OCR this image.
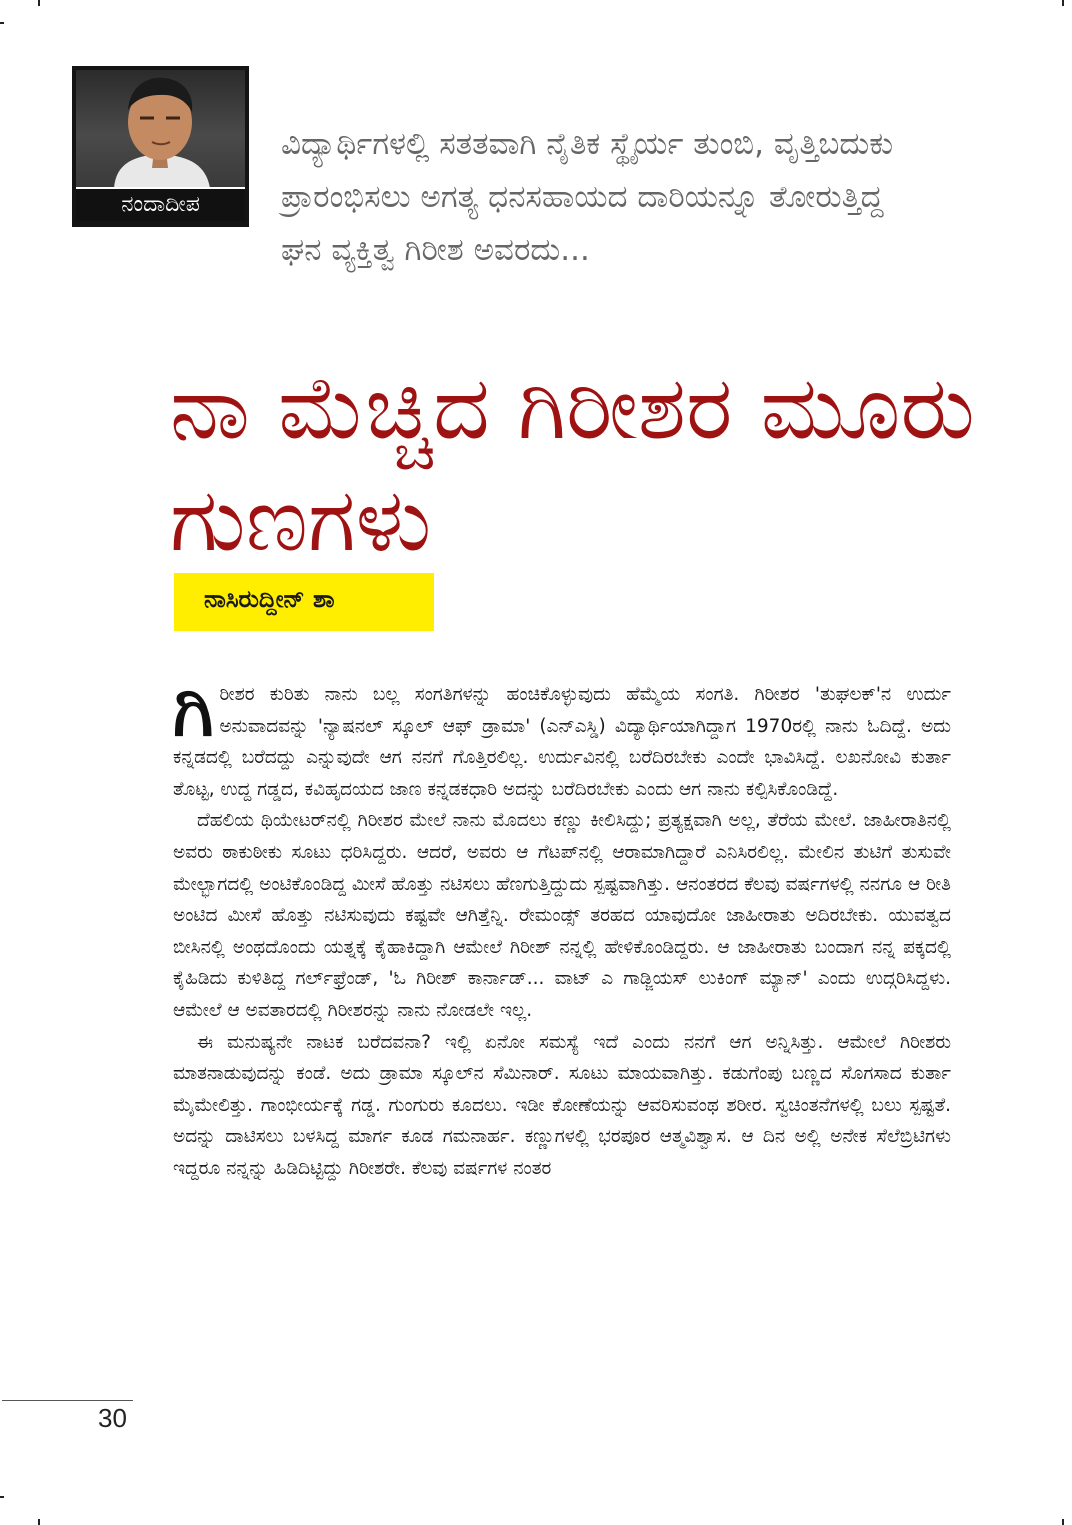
ನಂದಾದೀಪ
ವಿದ್ಯಾರ್ಥಿಗಳಲ್ಲಿ ಸತತವಾಗಿ ನೈತಿಕ ಸ್ಥೈರ್ಯ ತುಂಬಿ, ವೃತ್ತಿಬದುಕು ಪ್ರಾರಂಭಿಸಲು ಅಗತ್ಯ ಧನಸಹಾಯದ ದಾರಿಯನ್ನೂ ತೋರುತ್ತಿದ್ದ ಘನ ವ್ಯಕ್ತಿತ್ವ ಗಿರೀಶ ಅವರದು...
ನಾ ಮೆಚ್ಚಿದ ಗಿರೀಶರ ಮೂರು ಗುಣಗಳು
ನಾಸಿರುದ್ದೀನ್ ಶಾ

ಗಿರೀಶರ ಕುರಿತು ನಾನು ಬಲ್ಲ ಸಂಗತಿಗಳನ್ನು ಹಂಚಿಕೊಳ್ಳುವುದು ಹೆಮ್ಮೆಯ ಸಂಗತಿ. ಗಿರೀಶರ 'ತುಘಲಕ್'ನ ಉರ್ದು ಅನುವಾದವನ್ನು 'ನ್ಯಾಷನಲ್ ಸ್ಕೂಲ್ ಆಫ್ ಡ್ರಾಮಾ' (ಎನ್ಎಸ್ಡಿ) ವಿದ್ಯಾರ್ಥಿಯಾಗಿದ್ದಾಗ 1970ರಲ್ಲಿ ನಾನು ಓದಿದ್ದೆ. ಅದು ಕನ್ನಡದಲ್ಲಿ ಬರೆದದ್ದು ಎನ್ನುವುದೇ ಆಗ ನನಗೆ ಗೊತ್ತಿರಲಿಲ್ಲ. ಉರ್ದುವಿನಲ್ಲಿ ಬರೆದಿರಬೇಕು ಎಂದೇ ಭಾವಿಸಿದ್ದೆ. ಲಖನೋವಿ ಕುರ್ತಾ ತೊಟ್ಟ, ಉದ್ದ ಗಡ್ಡದ, ಕವಿಹೃದಯದ ಜಾಣ ಕನ್ನಡಕಧಾರಿ ಅದನ್ನು ಬರೆದಿರಬೇಕು ಎಂದು ಆಗ ನಾನು ಕಲ್ಪಿಸಿಕೊಂಡಿದ್ದೆ.

ದೆಹಲಿಯ ಥಿಯೇಟರ್‌ನಲ್ಲಿ ಗಿರೀಶರ ಮೇಲೆ ನಾನು ಮೊದಲು ಕಣ್ಣು ಕೀಲಿಸಿದ್ದು; ಪ್ರತ್ಯಕ್ಷವಾಗಿ ಅಲ್ಲ, ತೆರೆಯ ಮೇಲೆ. ಜಾಹೀರಾತಿನಲ್ಲಿ ಅವರು ಠಾಕುಠೀಕು ಸೂಟು ಧರಿಸಿದ್ದರು. ಆದರೆ, ಅವರು ಆ ಗೆಟಪ್‌ನಲ್ಲಿ ಆರಾಮಾಗಿದ್ದಾರೆ ಎನಿಸಿರಲಿಲ್ಲ. ಮೇಲಿನ ತುಟಿಗೆ ತುಸುವೇ ಮೇಲ್ಭಾಗದಲ್ಲಿ ಅಂಟಿಕೊಂಡಿದ್ದ ಮೀಸೆ ಹೊತ್ತು ನಟಿಸಲು ಹೆಣಗುತ್ತಿದ್ದುದು ಸ್ಪಷ್ಟವಾಗಿತ್ತು. ಆನಂತರದ ಕೆಲವು ವರ್ಷಗಳಲ್ಲಿ ನನಗೂ ಆ ರೀತಿ ಅಂಟಿದ ಮೀಸೆ ಹೊತ್ತು ನಟಿಸುವುದು ಕಷ್ಟವೇ ಆಗಿತ್ತೆನ್ನಿ. ರೇಮಂಡ್ಸ್ ತರಹದ ಯಾವುದೋ ಜಾಹೀರಾತು ಅದಿರಬೇಕು. ಯುವತ್ವದ ಬೀಸಿನಲ್ಲಿ ಅಂಥದೊಂದು ಯತ್ನಕ್ಕೆ ಕೈಹಾಕಿದ್ದಾಗಿ ಆಮೇಲೆ ಗಿರೀಶ್ ನನ್ನಲ್ಲಿ ಹೇಳಿಕೊಂಡಿದ್ದರು. ಆ ಜಾಹೀರಾತು ಬಂದಾಗ ನನ್ನ ಪಕ್ಕದಲ್ಲಿ ಕೈಹಿಡಿದು ಕುಳಿತಿದ್ದ ಗರ್ಲ್‌ಫ್ರೆಂಡ್, 'ಓ ಗಿರೀಶ್ ಕಾರ್ನಾಡ್... ವಾಟ್ ಎ ಗಾಡ್ಜಿಯಸ್ ಲುಕಿಂಗ್ ಮ್ಯಾನ್' ಎಂದು ಉದ್ಗರಿಸಿದ್ದಳು. ಆಮೇಲೆ ಆ ಅವತಾರದಲ್ಲಿ ಗಿರೀಶರನ್ನು ನಾನು ನೋಡಲೇ ಇಲ್ಲ.

ಈ ಮನುಷ್ಯನೇ ನಾಟಕ ಬರೆದವನಾ? ಇಲ್ಲಿ ಏನೋ ಸಮಸ್ಯೆ ಇದೆ ಎಂದು ನನಗೆ ಆಗ ಅನ್ನಿಸಿತ್ತು. ಆಮೇಲೆ ಗಿರೀಶರು ಮಾತನಾಡುವುದನ್ನು ಕಂಡೆ. ಅದು ಡ್ರಾಮಾ ಸ್ಕೂಲ್‌ನ ಸೆಮಿನಾರ್. ಸೂಟು ಮಾಯವಾಗಿತ್ತು. ಕಡುಗೆಂಪು ಬಣ್ಣದ ಸೊಗಸಾದ ಕುರ್ತಾ ಮೈಮೇಲಿತ್ತು. ಗಾಂಭೀರ್ಯಕ್ಕೆ ಗಡ್ಡ. ಗುಂಗುರು ಕೂದಲು. ಇಡೀ ಕೋಣೆಯನ್ನು ಆವರಿಸುವಂಥ ಶರೀರ. ಸ್ವಚಿಂತನೆಗಳಲ್ಲಿ ಬಲು ಸ್ಪಷ್ಟತೆ. ಅದನ್ನು ದಾಟಿಸಲು ಬಳಸಿದ್ದ ಮಾರ್ಗ ಕೂಡ ಗಮನಾರ್ಹ. ಕಣ್ಣುಗಳಲ್ಲಿ ಭರಪೂರ ಆತ್ಮವಿಶ್ವಾಸ. ಆ ದಿನ ಅಲ್ಲಿ ಅನೇಕ ಸೆಲೆಬ್ರಿಟಿಗಳು ಇದ್ದರೂ ನನ್ನನ್ನು ಹಿಡಿದಿಟ್ಟಿದ್ದು ಗಿರೀಶರೇ. ಕೆಲವು ವರ್ಷಗಳ ನಂತರ

30
